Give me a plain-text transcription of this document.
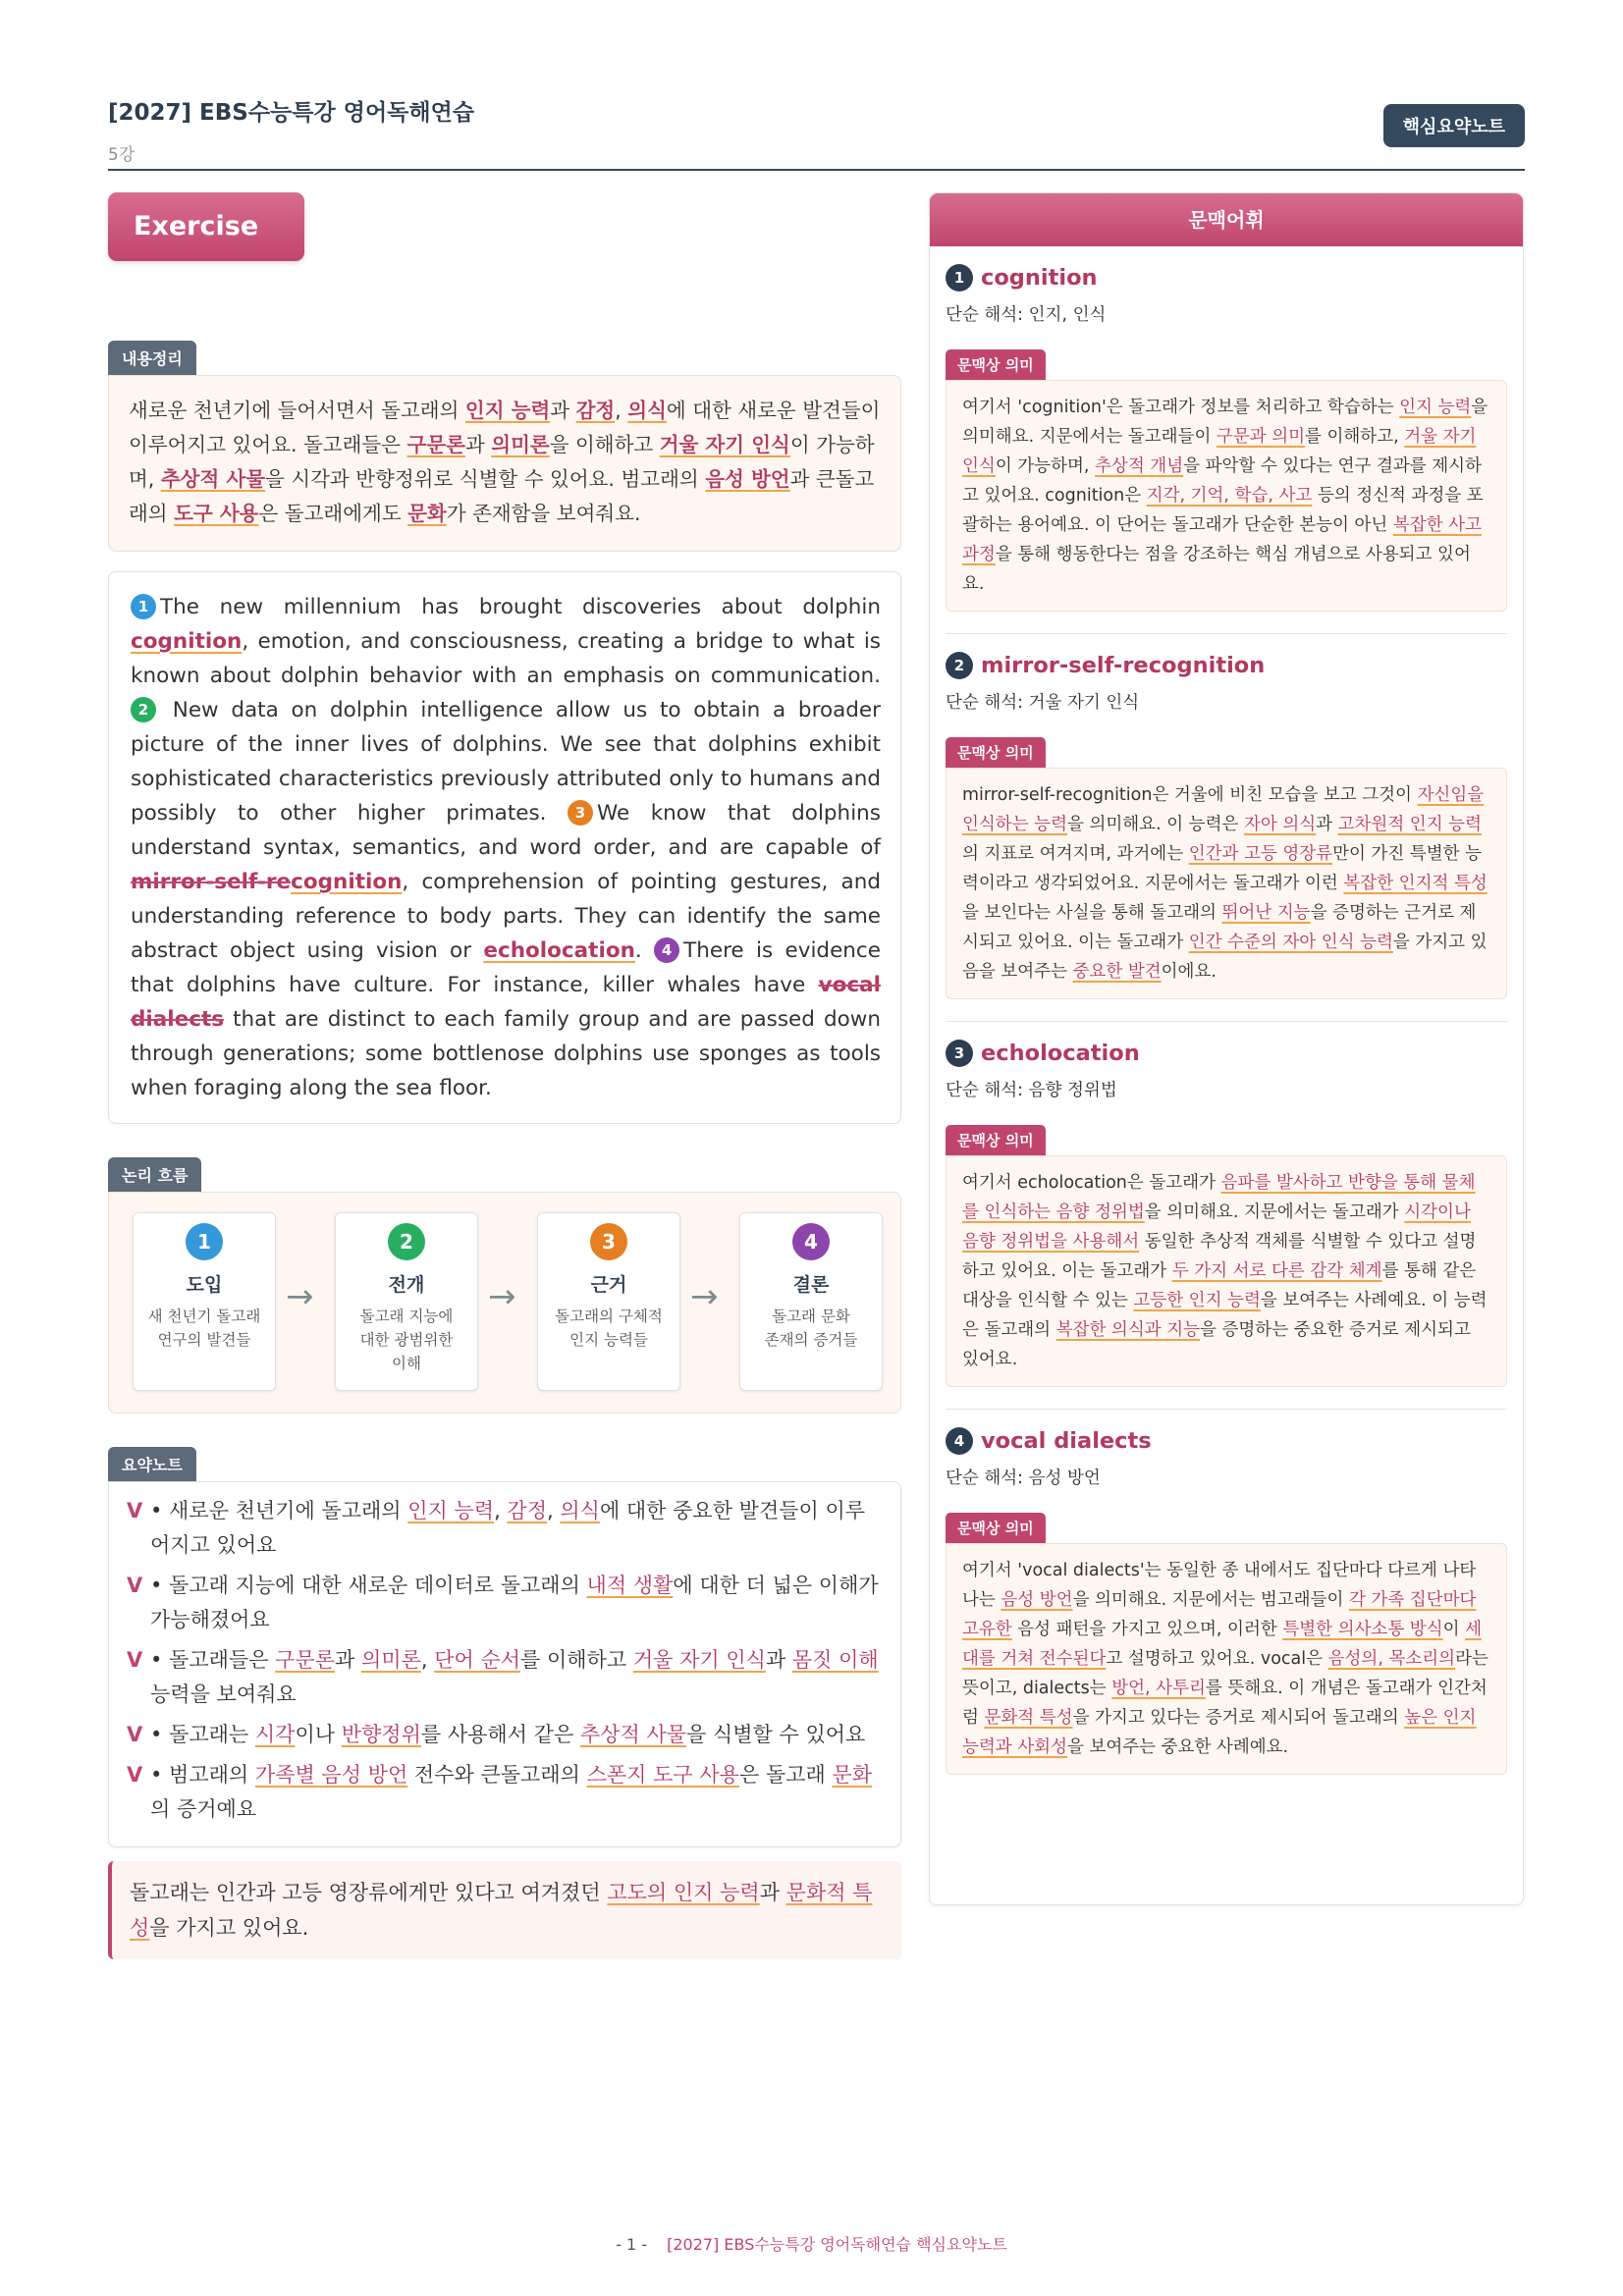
[2027] EBS수능특강 영어독해연습
5강
핵심요약노트
Exercise 01
내용정리
새로운 천년기에 들어서면서 돌고래의 인지 능력과 감정, 의식에 대한 새로운 발견들이 이루어지고 있어요. 돌고래들은 구문론과 의미론을 이해하고 거울 자기 인식이 가능하며, 추상적 사물을 시각과 반향정위로 식별할 수 있어요. 범고래의 음성 방언과 큰돌고래의 도구 사용은 돌고래에게도 문화가 존재함을 보여줘요.
1 The new millennium has brought discoveries about dolphin cognition, emotion, and consciousness, creating a bridge to what is known about dolphin behavior with an emphasis on communication. 2 New data on dolphin intelligence allow us to obtain a broader picture of the inner lives of dolphins. We see that dolphins exhibit sophisticated characteristics previously attributed only to humans and possibly to other higher primates. 3 We know that dolphins understand syntax, semantics, and word order, and are capable of mirror-self-recognition, comprehension of pointing gestures, and understanding reference to body parts. They can identify the same abstract object using vision or echolocation. 4 There is evidence that dolphins have culture. For instance, killer whales have vocal dialects that are distinct to each family group and are passed down through generations; some bottlenose dolphins use sponges as tools when foraging along the sea floor.
논리 흐름
1
도입
새 천년기 돌고래
연구의 발견들
→
2
전개
돌고래 지능에
대한 광범위한
이해
→
3
근거
돌고래의 구체적
인지 능력들
→
4
결론
돌고래 문화
존재의 증거들
요약노트
V • 새로운 천년기에 돌고래의 인지 능력, 감정, 의식에 대한 중요한 발견들이 이루어지고 있어요
V • 돌고래 지능에 대한 새로운 데이터로 돌고래의 내적 생활에 대한 더 넓은 이해가 가능해졌어요
V • 돌고래들은 구문론과 의미론, 단어 순서를 이해하고 거울 자기 인식과 몸짓 이해 능력을 보여줘요
V • 돌고래는 시각이나 반향정위를 사용해서 같은 추상적 사물을 식별할 수 있어요
V • 범고래의 가족별 음성 방언 전수와 큰돌고래의 스폰지 도구 사용은 돌고래 문화의 증거예요
돌고래는 인간과 고등 영장류에게만 있다고 여겨졌던 고도의 인지 능력과 문화적 특성을 가지고 있어요.
문맥어휘
1 cognition
단순 해석: 인지, 인식
문맥상 의미
여기서 'cognition'은 돌고래가 정보를 처리하고 학습하는 인지 능력을 의미해요. 지문에서는 돌고래들이 구문과 의미를 이해하고, 거울 자기 인식이 가능하며, 추상적 개념을 파악할 수 있다는 연구 결과를 제시하고 있어요. cognition은 지각, 기억, 학습, 사고 등의 정신적 과정을 포괄하는 용어예요. 이 단어는 돌고래가 단순한 본능이 아닌 복잡한 사고 과정을 통해 행동한다는 점을 강조하는 핵심 개념으로 사용되고 있어요.
2 mirror-self-recognition
단순 해석: 거울 자기 인식
문맥상 의미
mirror-self-recognition은 거울에 비친 모습을 보고 그것이 자신임을 인식하는 능력을 의미해요. 이 능력은 자아 의식과 고차원적 인지 능력의 지표로 여겨지며, 과거에는 인간과 고등 영장류만이 가진 특별한 능력이라고 생각되었어요. 지문에서는 돌고래가 이런 복잡한 인지적 특성을 보인다는 사실을 통해 돌고래의 뛰어난 지능을 증명하는 근거로 제시되고 있어요. 이는 돌고래가 인간 수준의 자아 인식 능력을 가지고 있음을 보여주는 중요한 발견이에요.
3 echolocation
단순 해석: 음향 정위법
문맥상 의미
여기서 echolocation은 돌고래가 음파를 발사하고 반향을 통해 물체를 인식하는 음향 정위법을 의미해요. 지문에서는 돌고래가 시각이나 음향 정위법을 사용해서 동일한 추상적 객체를 식별할 수 있다고 설명하고 있어요. 이는 돌고래가 두 가지 서로 다른 감각 체계를 통해 같은 대상을 인식할 수 있는 고등한 인지 능력을 보여주는 사례예요. 이 능력은 돌고래의 복잡한 의식과 지능을 증명하는 중요한 증거로 제시되고 있어요.
4 vocal dialects
단순 해석: 음성 방언
문맥상 의미
여기서 'vocal dialects'는 동일한 종 내에서도 집단마다 다르게 나타나는 음성 방언을 의미해요. 지문에서는 범고래들이 각 가족 집단마다 고유한 음성 패턴을 가지고 있으며, 이러한 특별한 의사소통 방식이 세대를 거쳐 전수된다고 설명하고 있어요. vocal은 음성의, 목소리의라는 뜻이고, dialects는 방언, 사투리를 뜻해요. 이 개념은 돌고래가 인간처럼 문화적 특성을 가지고 있다는 증거로 제시되어 돌고래의 높은 인지 능력과 사회성을 보여주는 중요한 사례예요.
- 1 - [2027] EBS수능특강 영어독해연습 핵심요약노트
